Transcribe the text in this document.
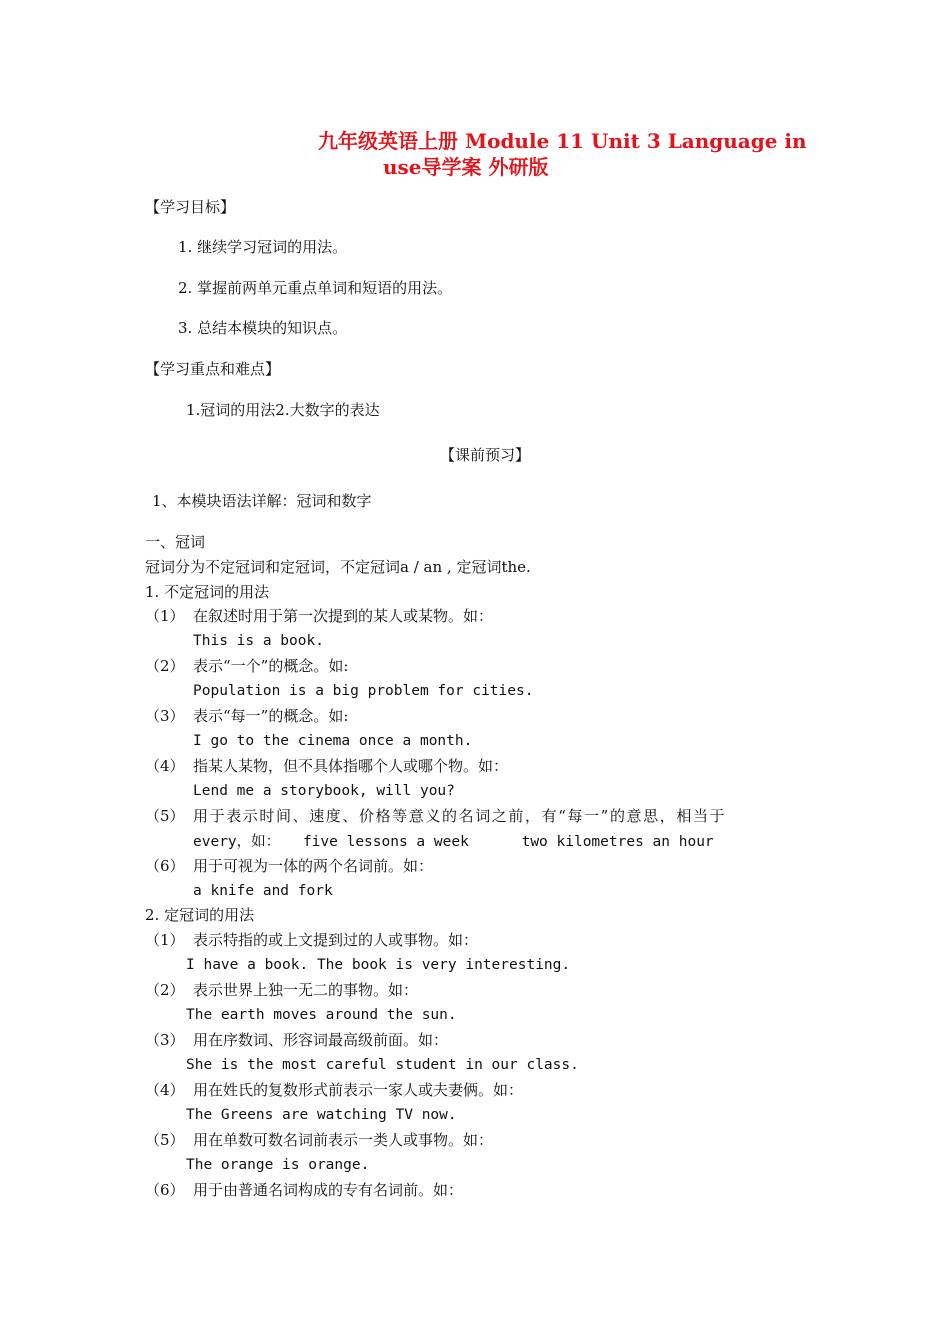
九年级英语上册 Module 11 Unit 3 Language in
use导学案 外研版
【学习目标】
1. 继续学习冠词的用法。
2. 掌握前两单元重点单词和短语的用法。
3. 总结本模块的知识点。
【学习重点和难点】
1.冠词的用法2.大数字的表达
【课前预习】
1、本模块语法详解：冠词和数字
一、冠词
冠词分为不定冠词和定冠词，不定冠词a / an , 定冠词the.
1. 不定冠词的用法
（1） 在叙述时用于第一次提到的某人或某物。如：
This is a book.
（2） 表示“一个”的概念。如:
Population is a big problem for cities.
（3） 表示“每一”的概念。如:
I go to the cinema once a month.
（4） 指某人某物，但不具体指哪个人或哪个物。如：
Lend me a storybook, will you?
（5） 用于表示时间、速度、价格等意义的名词之前，有“每一”的意思，相当于
every，如： five lessons a week	two kilometres an hour
（6） 用于可视为一体的两个名词前。如：
a knife and fork
2. 定冠词的用法
（1） 表示特指的或上文提到过的人或事物。如：
I have a book. The book is very interesting.
（2） 表示世界上独一无二的事物。如：
The earth moves around the sun.
（3） 用在序数词、形容词最高级前面。如：
She is the most careful student in our class.
（4） 用在姓氏的复数形式前表示一家人或夫妻俩。如：
The Greens are watching TV now.
（5） 用在单数可数名词前表示一类人或事物。如：
The orange is orange.
（6） 用于由普通名词构成的专有名词前。如：
